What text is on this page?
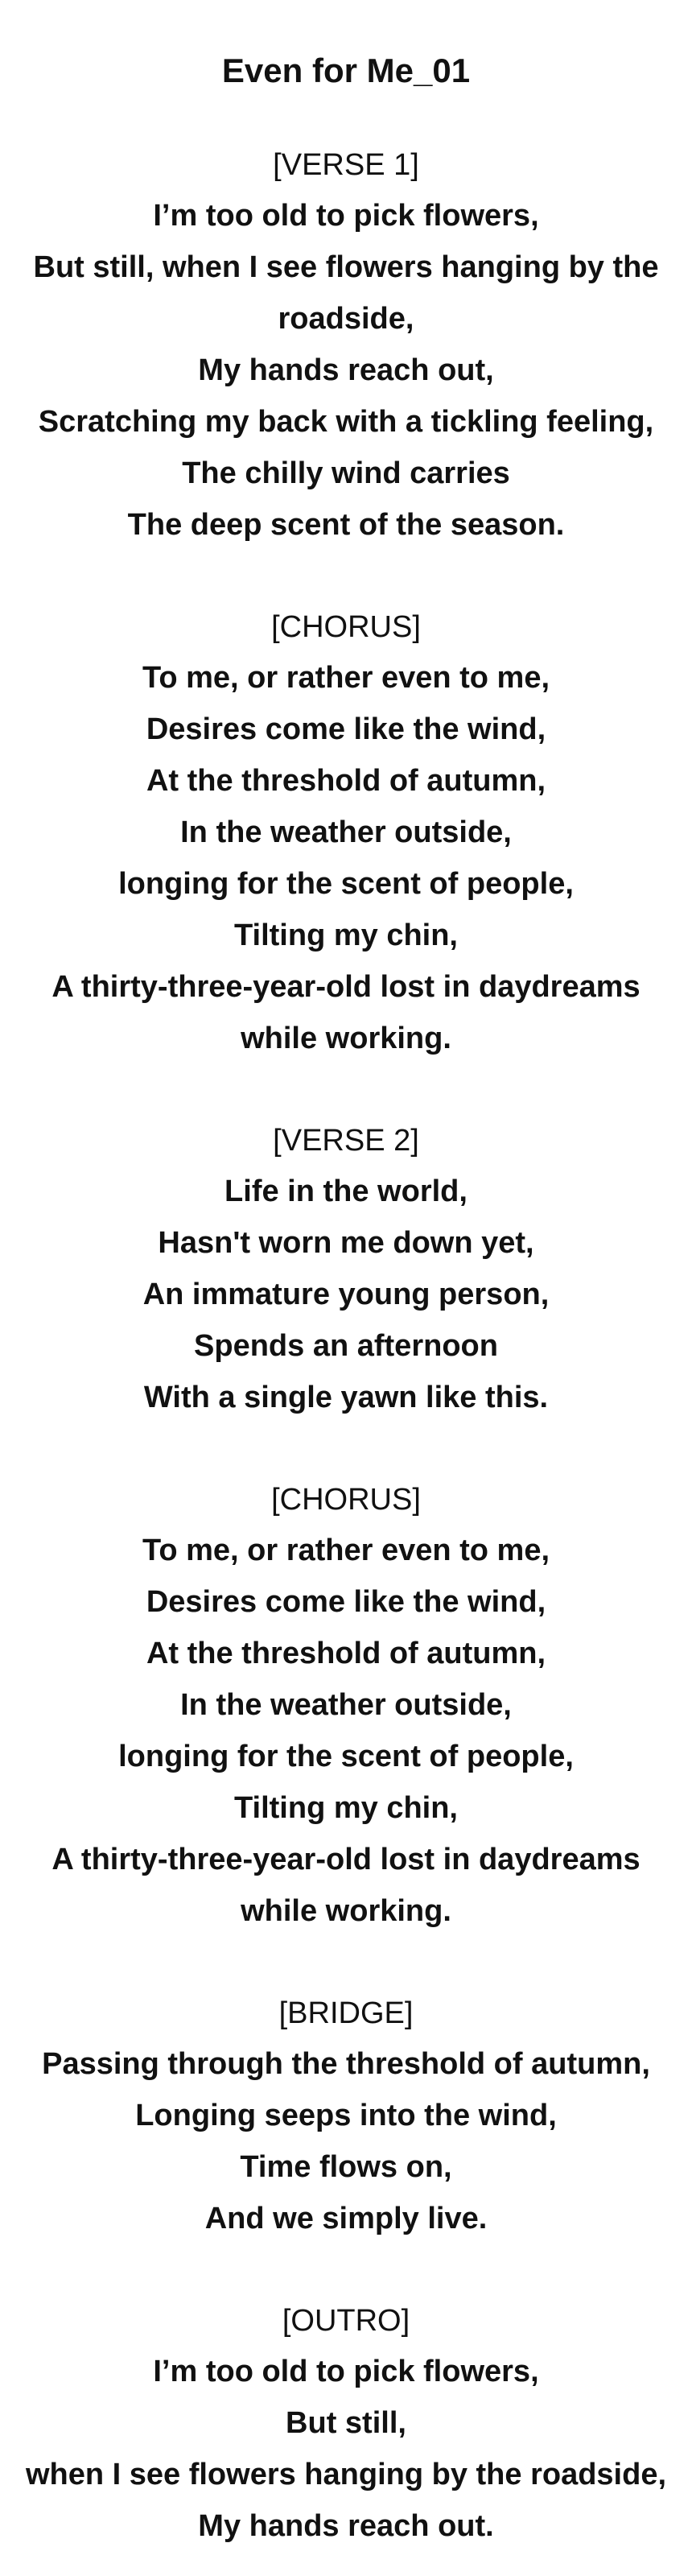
Even for Me_01

[VERSE 1]

I’m too old to pick flowers,

But still, when I see flowers hanging by the roadside,

My hands reach out,

Scratching my back with a tickling feeling,

The chilly wind carries

The deep scent of the season.

[CHORUS]

To me, or rather even to me,

Desires come like the wind,

At the threshold of autumn,

In the weather outside,

longing for the scent of people,

Tilting my chin,

A thirty-three-year-old lost in daydreams while working.

[VERSE 2]

Life in the world,

Hasn't worn me down yet,

An immature young person,

Spends an afternoon

With a single yawn like this.

[CHORUS]

To me, or rather even to me,

Desires come like the wind,

At the threshold of autumn,

In the weather outside,

longing for the scent of people,

Tilting my chin,

A thirty-three-year-old lost in daydreams while working.

[BRIDGE]

Passing through the threshold of autumn,

Longing seeps into the wind,

Time flows on,

And we simply live.

[OUTRO]

I’m too old to pick flowers,

But still,

when I see flowers hanging by the roadside,

My hands reach out.
